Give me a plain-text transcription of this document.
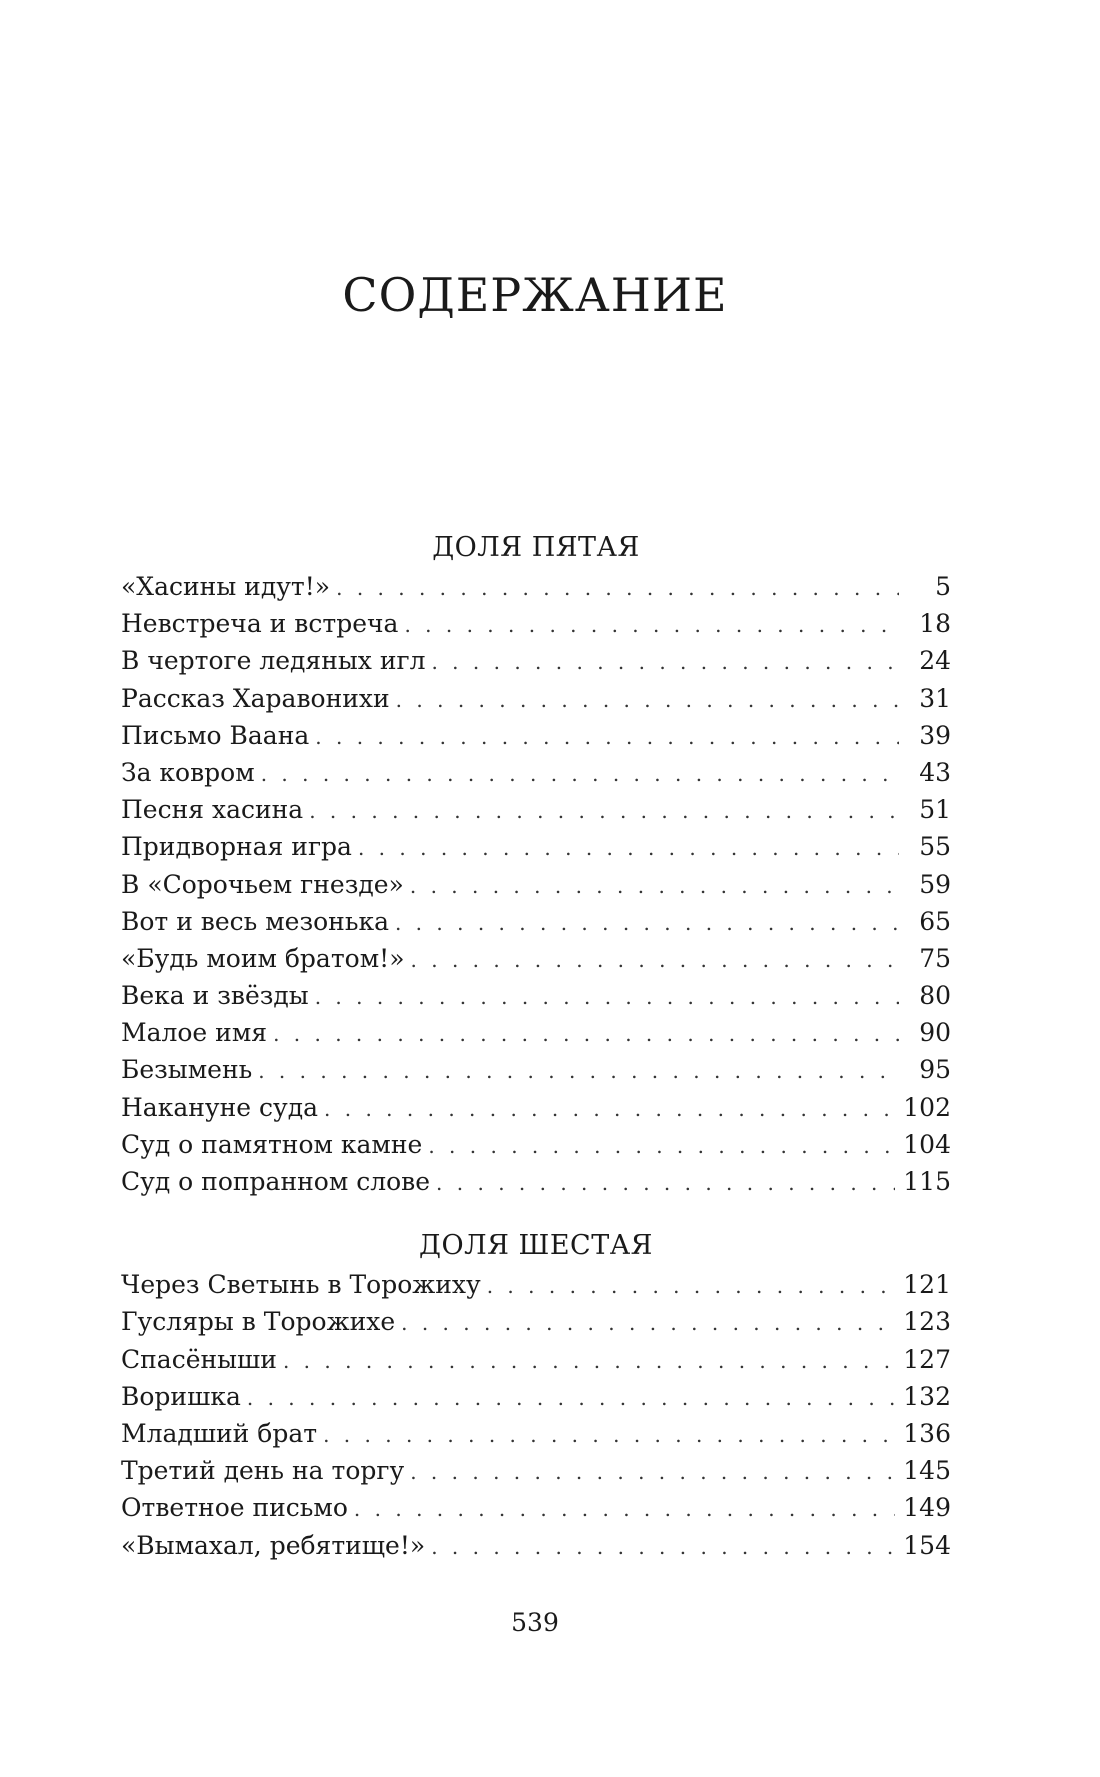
СОДЕРЖАНИЕ
ДОЛЯ ПЯТАЯ
«Хасины идут!» . . .	5
Невстреча и встреча . . .	18
В чертоге ледяных игл . . .	24
Рассказ Харавонихи . . .	31
Письмо Ваана . . .	39
За ковром . . .	43
Песня хасина . . .	51
Придворная игра . . .	55
В «Сорочьем гнезде» . . .	59
Вот и весь мезонька . . .	65
«Будь моим братом!» . . .	75
Века и звёзды . . .	80
Малое имя . . .	90
Безымень . . .	95
Накануне суда . . .	102
Суд о памятном камне . . .	104
Суд о попранном слове . . .	115
ДОЛЯ ШЕСТАЯ
Через Светынь в Торожиху . . .	121
Гусляры в Торожихе . . .	123
Спасёныши . . .	127
Воришка . . .	132
Младший брат . . .	136
Третий день на торгу . . .	145
Ответное письмо . . .	149
«Вымахал, ребятище!» . . .	154
539
